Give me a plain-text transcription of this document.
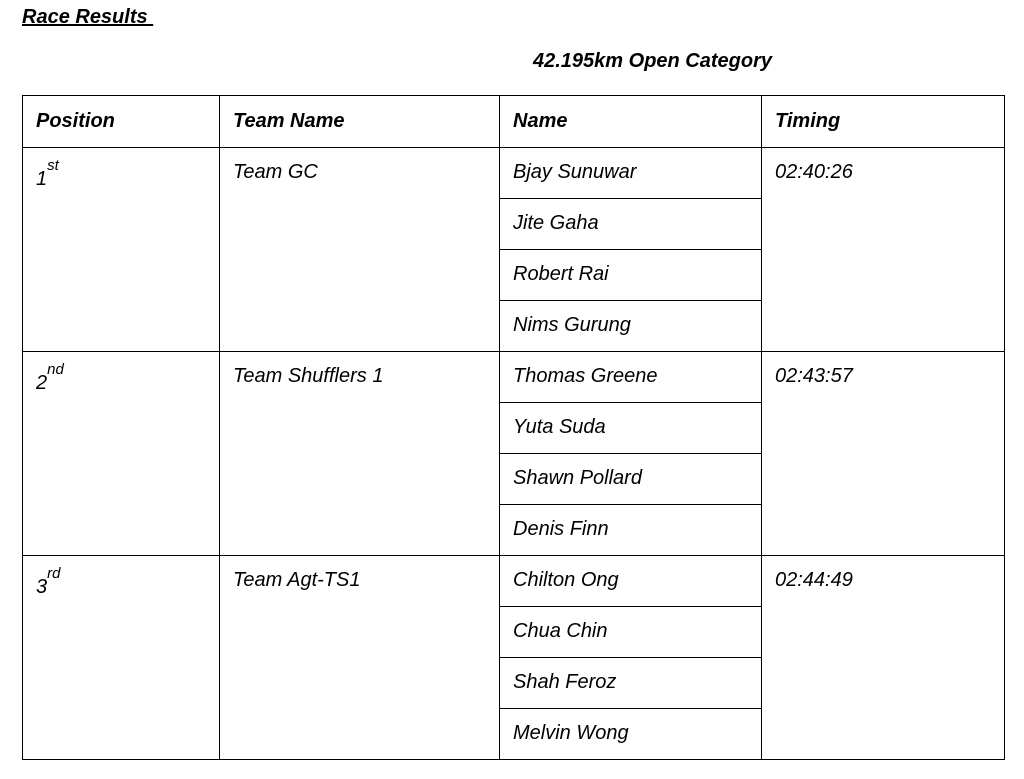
Race Results
42.195km Open Category
Position	Team Name	Name	Timing
1st	Team GC	Bjay Sunuwar	02:40:26
		Jite Gaha	
		Robert Rai	
		Nims Gurung	
2nd	Team Shufflers 1	Thomas Greene	02:43:57
		Yuta Suda	
		Shawn Pollard	
		Denis Finn	
3rd	Team Agt-TS1	Chilton Ong	02:44:49
		Chua Chin	
		Shah Feroz	
		Melvin Wong	
